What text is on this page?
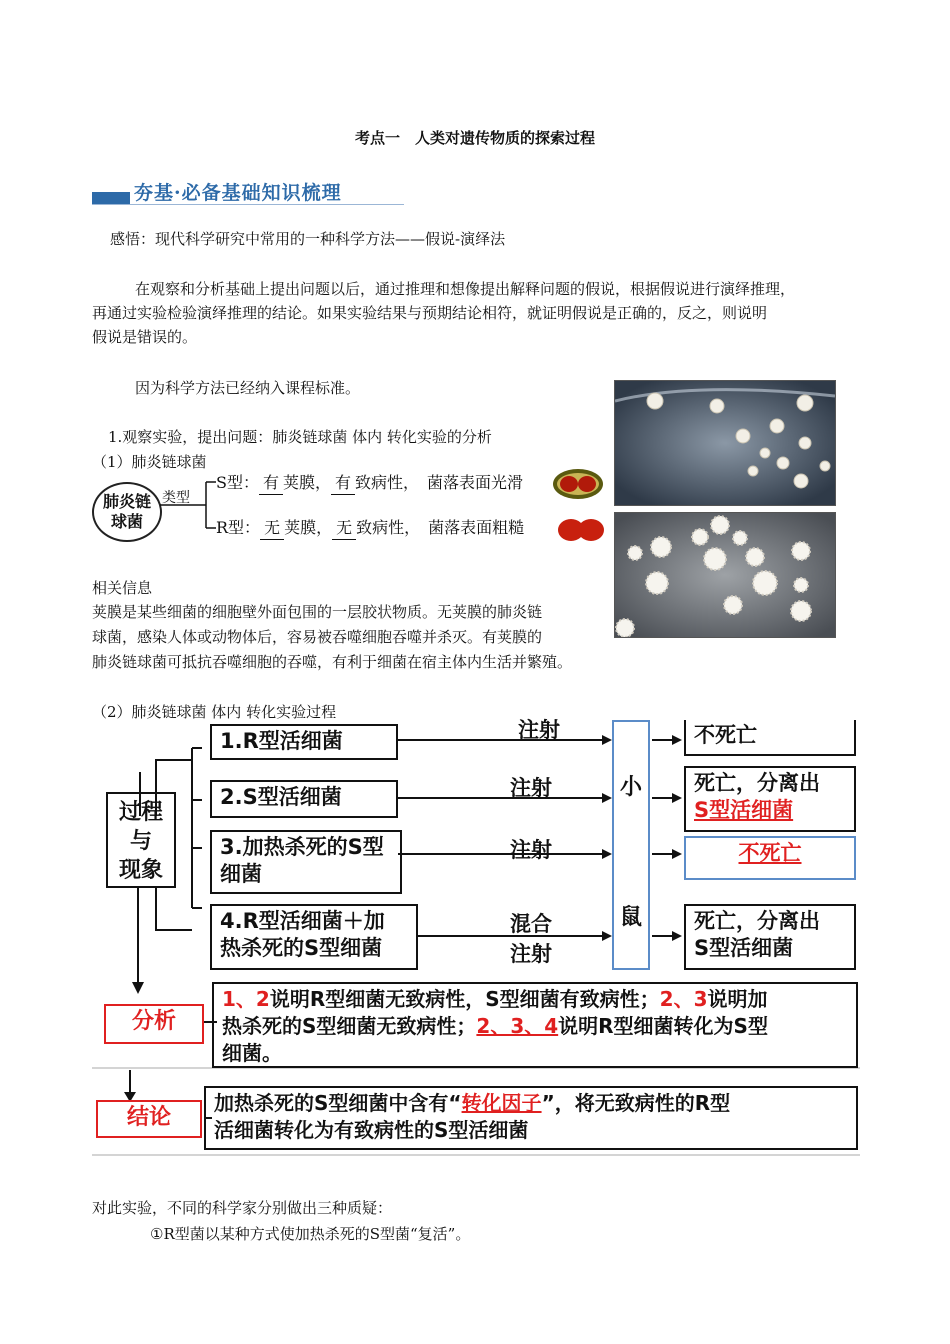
考点一　人类对遗传物质的探索过程
夯基·必备基础知识梳理
感悟：现代科学研究中常用的一种科学方法——假说-演绎法
在观察和分析基础上提出问题以后，通过推理和想像提出解释问题的假说，根据假说进行演绎推理，
再通过实验检验演绎推理的结论。如果实验结果与预期结论相符，就证明假说是正确的，反之，则说明
假说是错误的。
因为科学方法已经纳入课程标准。
1.观察实验，提出问题：肺炎链球菌 体内 转化实验的分析
（1）肺炎链球菌
肺炎链
球菌
类型
S型： 有 荚膜， 有 致病性，　菌落表面光滑
R型： 无 荚膜， 无 致病性，　菌落表面粗糙
相关信息
荚膜是某些细菌的细胞壁外面包围的一层胶状物质。无荚膜的肺炎链
球菌，感染人体或动物体后，容易被吞噬细胞吞噬并杀灭。有荚膜的
肺炎链球菌可抵抗吞噬细胞的吞噬，有利于细菌在宿主体内生活并繁殖。
（2）肺炎链球菌 体内 转化实验过程
过程
与
现象
1.R型活细菌
2.S型活细菌
3.加热杀死的S型
细菌
4.R型活细菌＋加
热杀死的S型细菌
注射
注射
注射
混合
注射
小
鼠
不死亡
死亡，分离出
S型活细菌
不死亡
死亡，分离出
S型活细菌
分析
1、2说明R型细菌无致病性，S型细菌有致病性；2、3说明加
热杀死的S型细菌无致病性；2、3、4说明R型细菌转化为S型
细菌。
结论
加热杀死的S型细菌中含有“转化因子”，将无致病性的R型
活细菌转化为有致病性的S型活细菌
对此实验，不同的科学家分别做出三种质疑：
①R型菌以某种方式使加热杀死的S型菌“复活”。
